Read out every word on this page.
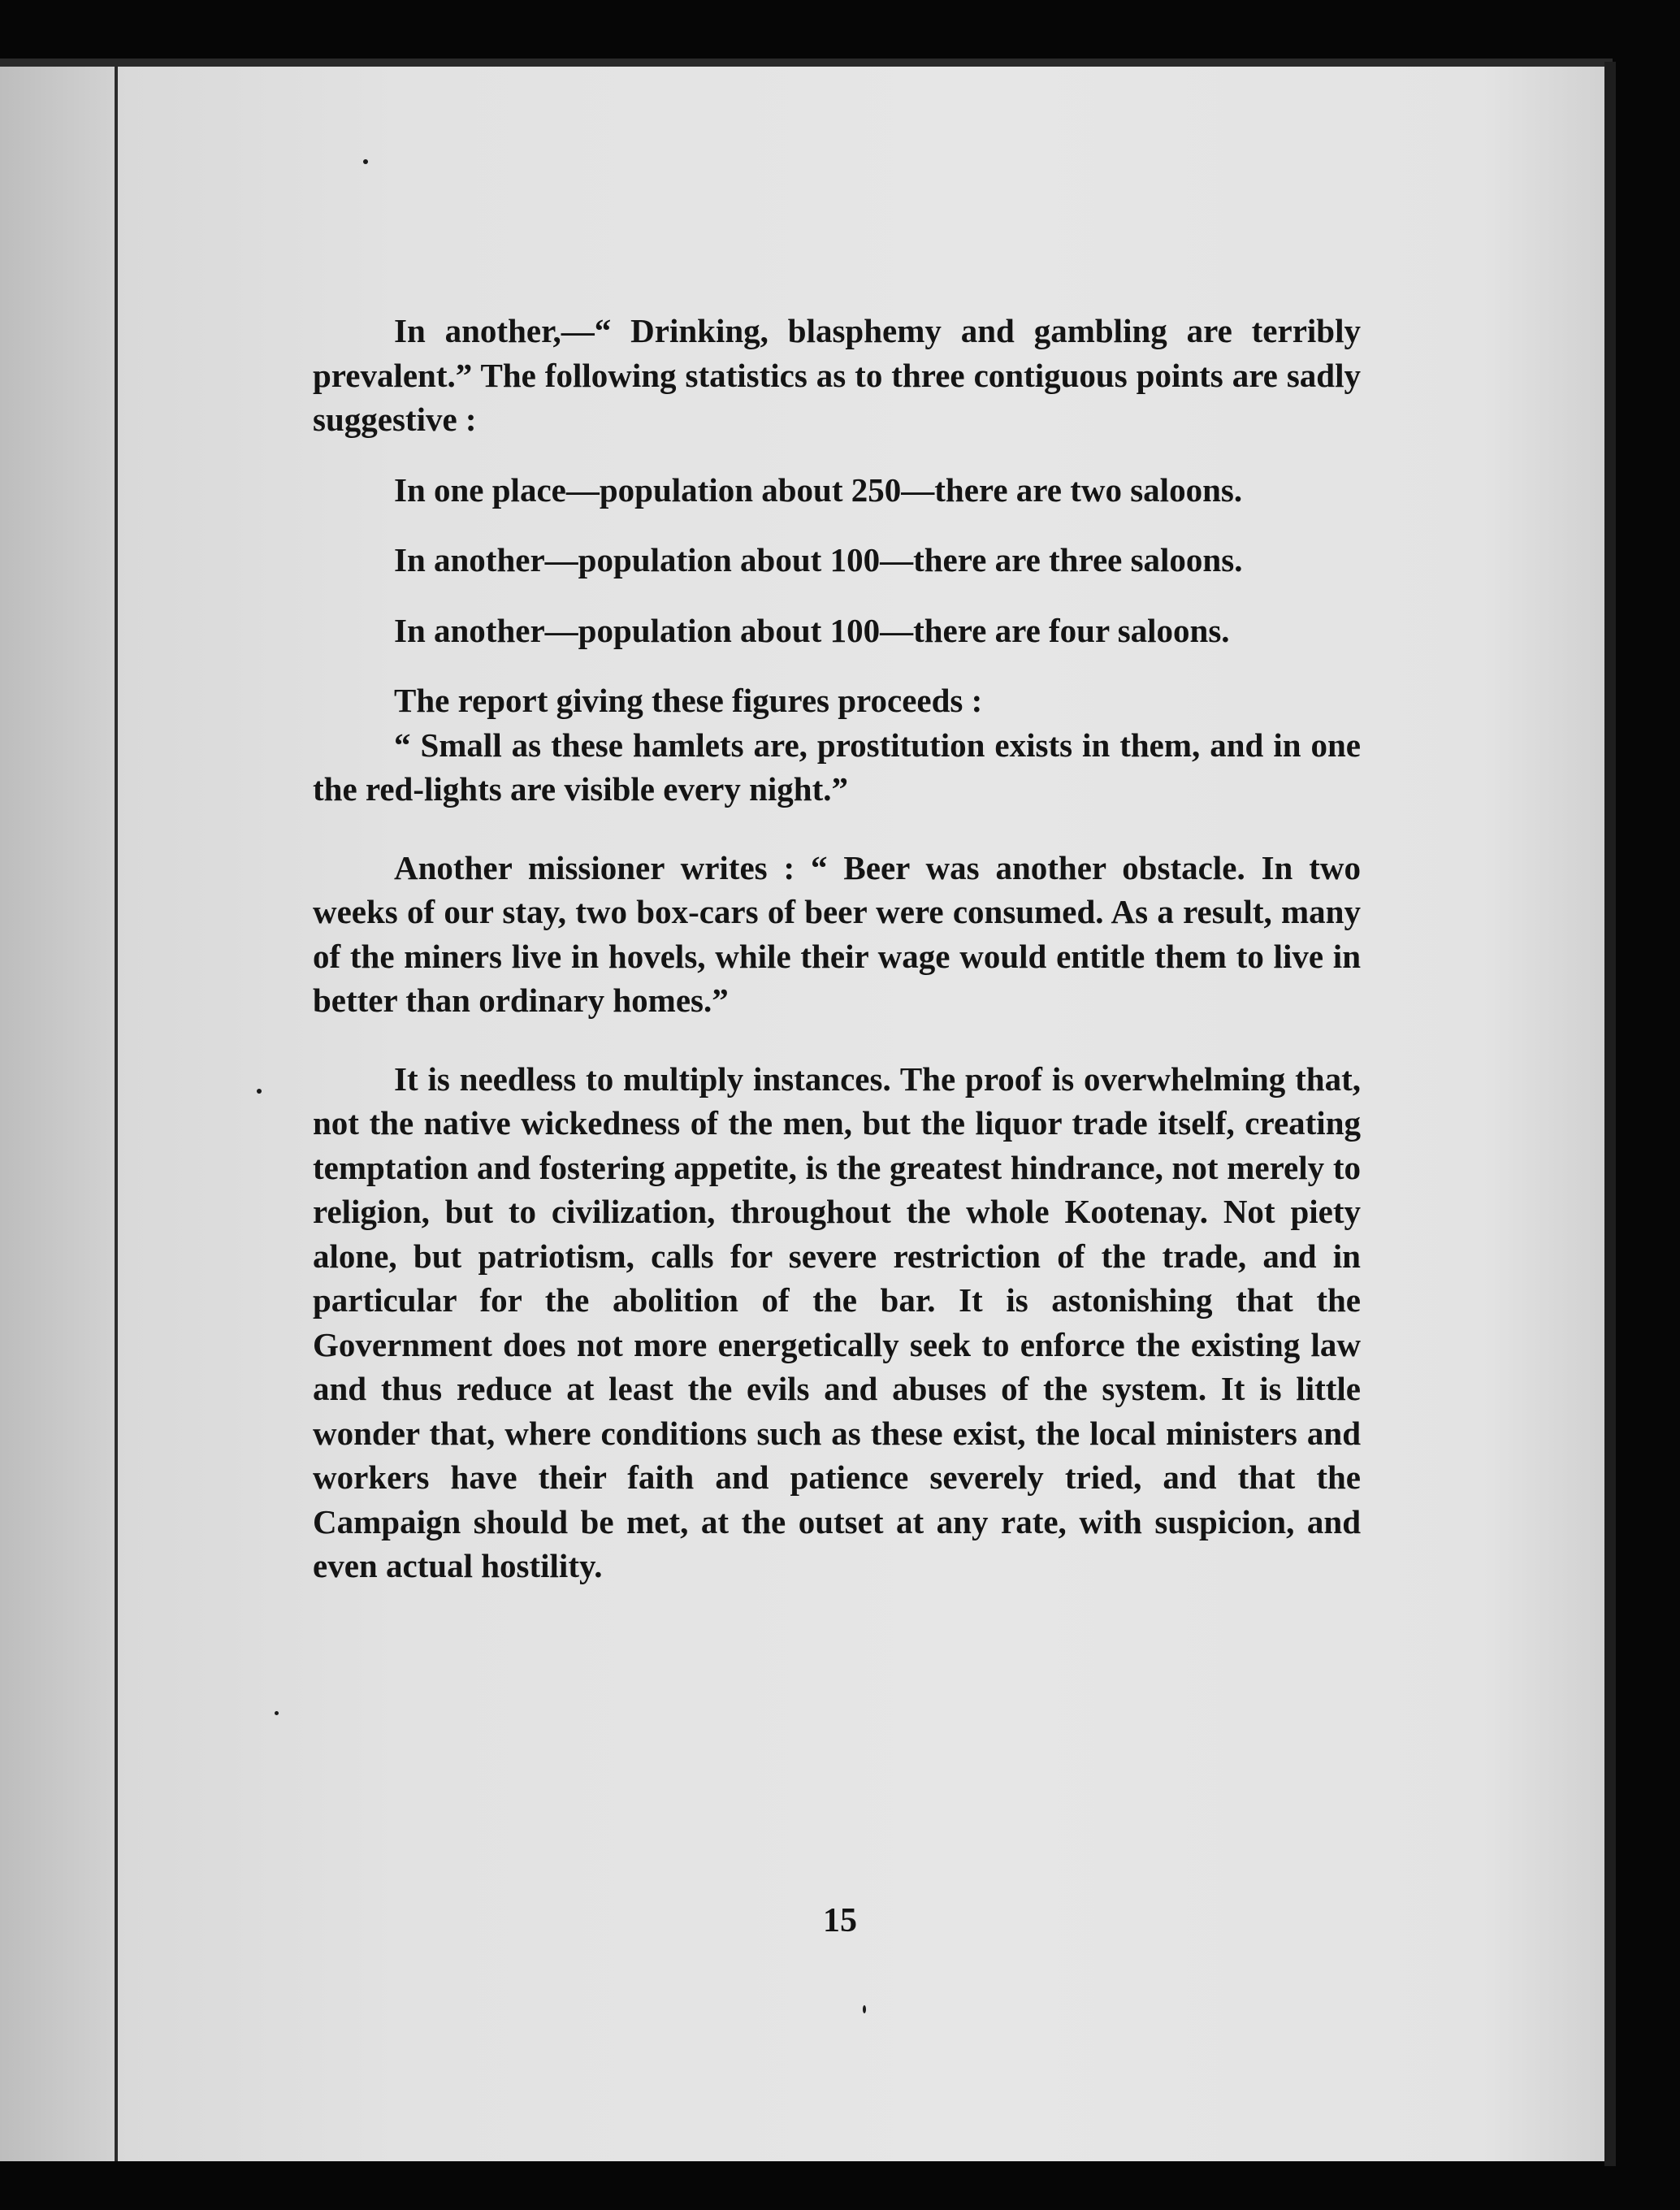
In another,—“ Drinking, blasphemy and gambling are terribly prevalent.” The following statistics as to three contiguous points are sadly suggestive :

In one place—population about 250—there are two saloons.

In another—population about 100—there are three saloons.

In another—population about 100—there are four saloons.

The report giving these figures proceeds :

“ Small as these hamlets are, prostitution exists in them, and in one the red-lights are visible every night.”

Another missioner writes : “ Beer was another obstacle. In two weeks of our stay, two box-cars of beer were consumed. As a result, many of the miners live in hovels, while their wage would entitle them to live in better than ordinary homes.”

It is needless to multiply instances. The proof is overwhelming that, not the native wickedness of the men, but the liquor trade itself, creating temptation and fostering appetite, is the greatest hindrance, not merely to religion, but to civilization, throughout the whole Kootenay. Not piety alone, but patriotism, calls for severe restriction of the trade, and in particular for the abolition of the bar. It is astonishing that the Government does not more energetically seek to enforce the existing law and thus reduce at least the evils and abuses of the system. It is little wonder that, where conditions such as these exist, the local ministers and workers have their faith and patience severely tried, and that the Campaign should be met, at the outset at any rate, with suspicion, and even actual hostility.

15
